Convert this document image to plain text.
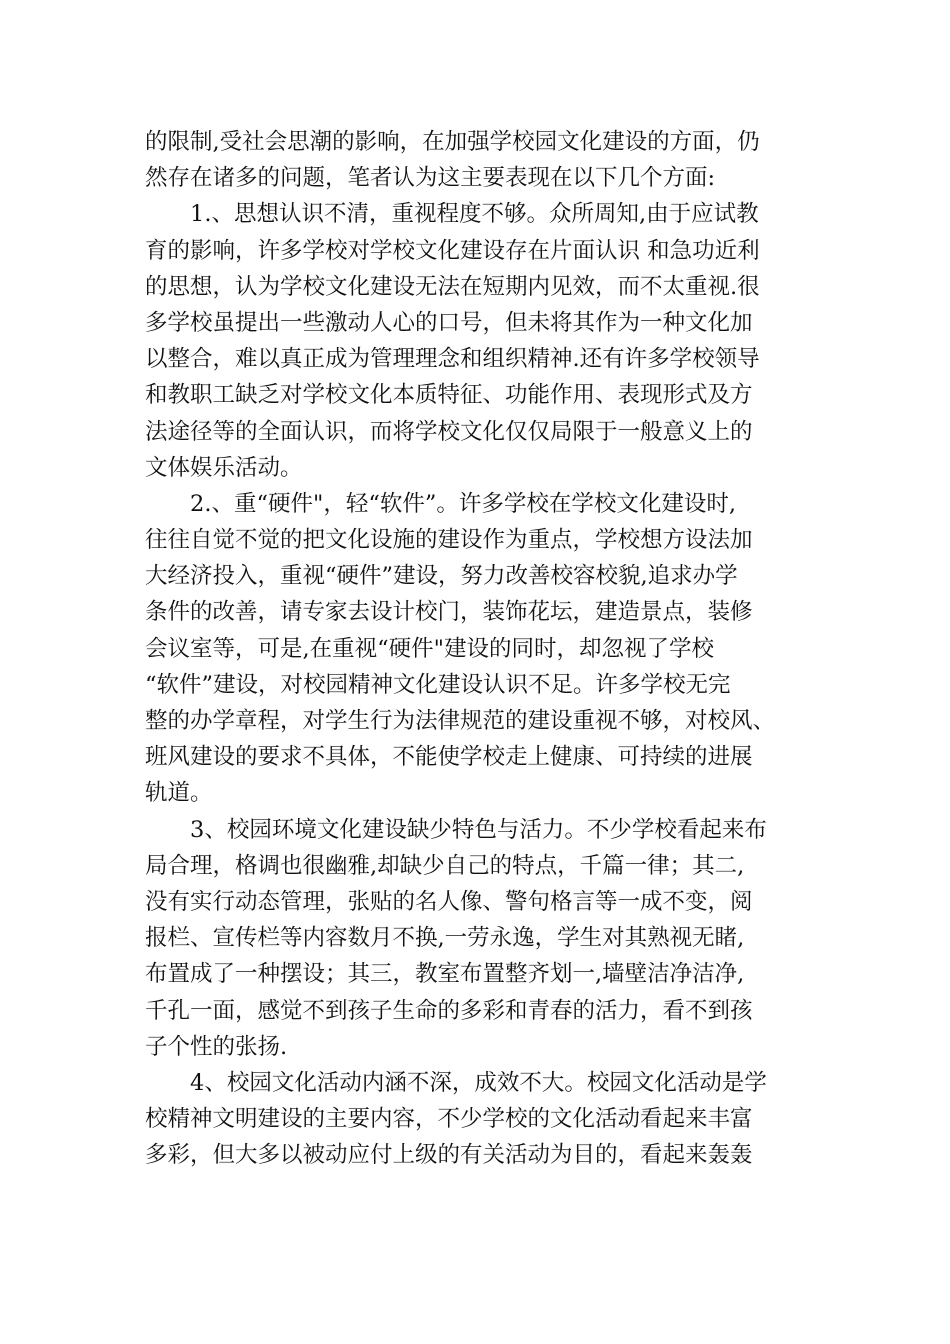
的限制,受社会思潮的影响，在加强学校园文化建设的方面，仍
然存在诸多的问题，笔者认为这主要表现在以下几个方面:
1.、思想认识不清，重视程度不够。众所周知,由于应试教
育的影响，许多学校对学校文化建设存在片面认识 和急功近利
的思想，认为学校文化建设无法在短期内见效，而不太重视.很
多学校虽提出一些激动人心的口号，但未将其作为一种文化加
以整合，难以真正成为管理理念和组织精神.还有许多学校领导
和教职工缺乏对学校文化本质特征、功能作用、表现形式及方
法途径等的全面认识，而将学校文化仅仅局限于一般意义上的
文体娱乐活动。
2.、重“硬件"，轻“软件”。许多学校在学校文化建设时,
往往自觉不觉的把文化设施的建设作为重点，学校想方设法加
大经济投入，重视“硬件”建设，努力改善校容校貌,追求办学
条件的改善，请专家去设计校门，装饰花坛，建造景点，装修
会议室等，可是,在重视“硬件"建设的同时，却忽视了学校
“软件”建设，对校园精神文化建设认识不足。许多学校无完
整的办学章程，对学生行为法律规范的建设重视不够，对校风、
班风建设的要求不具体，不能使学校走上健康、可持续的进展
轨道。
3、校园环境文化建设缺少特色与活力。不少学校看起来布
局合理，格调也很幽雅,却缺少自己的特点，千篇一律；其二,
没有实行动态管理，张贴的名人像、警句格言等一成不变，阅
报栏、宣传栏等内容数月不换,一劳永逸，学生对其熟视无睹,
布置成了一种摆设；其三，教室布置整齐划一,墙壁洁净洁净,
千孔一面，感觉不到孩子生命的多彩和青春的活力，看不到孩
子个性的张扬.
4、校园文化活动内涵不深，成效不大。校园文化活动是学
校精神文明建设的主要内容，不少学校的文化活动看起来丰富
多彩，但大多以被动应付上级的有关活动为目的，看起来轰轰
